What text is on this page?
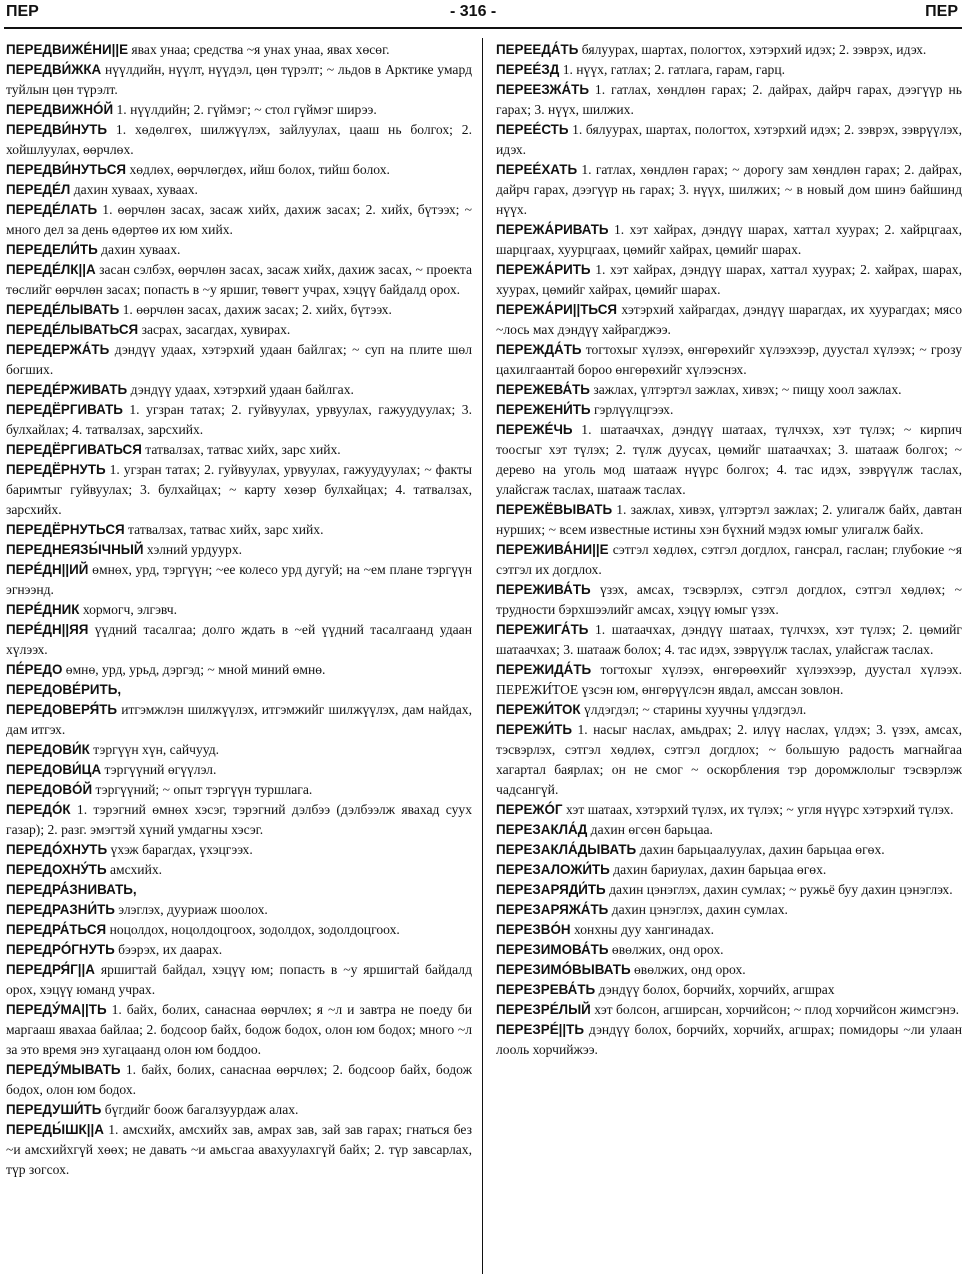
ПЕР	- 316 -	ПЕР

ПЕРЕДВИЖÉНИ||Е явах унаа; средства ~я унах унаа, явах хөсөг.

ПЕРЕДВИ́ЖКА нүүлдийн, нүүлт, нүүдэл, цөн түрэлт; ~ льдов в Арктике умард туйлын цөн түрэлт.

ПЕРЕДВИЖНÓЙ 1. нүүлдийн; 2. гүймэг; ~ стол гүймэг ширээ.

ПЕРЕДВИ́НУТЬ 1. хөдөлгөх, шилжүүлэх, зайлуулах, цааш нь болгох; 2. хойшлуулах, өөрчлөх.

ПЕРЕДВИ́НУТЬСЯ хөдлөх, өөрчлөгдөх, ийш болох, тийш болох.

ПЕРЕДÉЛ дахин хуваах, хуваах.

ПЕРЕДÉЛАТЬ 1. өөрчлөн засах, засаж хийх, дахиж засах; 2. хийх, бүтээх; ~ много дел за день өдөртөө их юм хийх.

ПЕРЕДЕЛИ́ТЬ дахин хуваах.

ПЕРЕДÉЛК||А засан сэлбэх, өөрчлөн засах, засаж хийх, дахиж засах, ~ проекта төслийг өөрчлөн засах; попасть в ~у яршиг, төвөгт учрах, хэцүү байдалд орох.

ПЕРЕДÉЛЫВАТЬ 1. өөрчлөн засах, дахиж засах; 2. хийх, бүтээх.

ПЕРЕДÉЛЫВАТЬСЯ засрах, засагдах, хувирах.

ПЕРЕДЕРЖÁТЬ дэндүү удаах, хэтэрхий удаан байлгах; ~ суп на плите шөл богших.

ПЕРЕДÉРЖИВАТЬ дэндүү удаах, хэтэрхий удаан байлгах.

ПЕРЕДЁРГИВАТЬ 1. угзран татах; 2. гуйвуулах, урвуулах, гажуудуулах; 3. булхайлах; 4. татвалзах, зарсхийх.

ПЕРЕДЁРГИВАТЬСЯ татвалзах, татвас хийх, зарс хийх.

ПЕРЕДЁРНУТЬ 1. угзран татах; 2. гуйвуулах, урвуулах, гажуудуулах; ~ факты баримтыг гуйвуулах; 3. булхайцах; ~ карту хөзөр булхайцах; 4. татвалзах, зарсхийх.

ПЕРЕДЁРНУТЬСЯ татвалзах, татвас хийх, зарс хийх.

ПЕРЕДНЕЯЗЫ́ЧНЫЙ хэлний урдуурх.

ПЕРÉДН||ИЙ өмнөх, урд, тэргүүн; ~ее колесо урд дугуй; на ~ем плане тэргүүн эгнээнд.

ПЕРÉДНИК хормогч, элгэвч.

ПЕРÉДН||ЯЯ үүдний тасалгаа; долго ждать в ~ей үүдний тасалгаанд удаан хүлээх.

ПЕ́РЕДО өмнө, урд, урьд, дэргэд; ~ мной миний өмнө.

ПЕРЕДОВЕ́РИТЬ,

ПЕРЕДОВЕРЯ́ТЬ итгэмжлэн шилжүүлэх, итгэмжийг шилжүүлэх, дам найдах, дам итгэх.

ПЕРЕДОВИ́К тэргүүн хүн, сайчууд.

ПЕРЕДОВИ́ЦА тэргүүний өгүүлэл.

ПЕРЕДОВÓЙ тэргүүний; ~ опыт тэргүүн туршлага.

ПЕРЕДÓК 1. тэрэгний өмнөх хэсэг, тэрэгний дэлбээ (дэлбээлж явахад суух газар); 2. разг. эмэгтэй хүний умдагны хэсэг.

ПЕРЕДÓХНУТЬ үхэж барагдах, үхэцгээх.

ПЕРЕДОХНУ́ТЬ амсхийх.

ПЕРЕДРА́ЗНИВАТЬ,

ПЕРЕДРАЗНИ́ТЬ элэглэх, дууриаж шоолох.

ПЕРЕДРА́ТЬСЯ ноцолдох, ноцолдоцгоох, зодолдох, зодолдоцгоох.

ПЕРЕДРÓГНУТЬ бээрэх, их даарах.

ПЕРЕДРЯ́Г||А яршигтай байдал, хэцүү юм; попасть в ~у яршигтай байдалд орох, хэцүү юманд учрах.

ПЕРЕДУ́МА||ТЬ 1. байх, болих, санаснаа өөрчлөх; я ~л и завтра не поеду би маргааш явахаа байлаа; 2. бодсоор байх, бодож бодох, олон юм бодох; много ~л за это время энэ хугацаанд олон юм боддоо.

ПЕРЕДУ́МЫВАТЬ 1. байх, болих, санаснаа өөрчлөх; 2. бодсоор байх, бодож бодох, олон юм бодох.

ПЕРЕДУШИ́ТЬ бүгдийг боож багалзуурдаж алах.

ПЕРЕДЫ́ШК||А 1. амсхийх, амсхийх зав, амрах зав, зай зав гарах; гнаться без ~и амсхийхгүй хөөх; не давать ~и амьсгаа авахуулахгүй байх; 2. түр завсарлах, түр зогсох.

ПЕРЕЕДА́ТЬ бялуурах, шартах, пологтох, хэтэрхий идэх; 2. зэврэх, идэх.

ПЕРЕÉЗД 1. нүүх, гатлах; 2. гатлага, гарам, гарц.

ПЕРЕЕЗЖА́ТЬ 1. гатлах, хөндлөн гарах; 2. дайрах, дайрч гарах, дээгүүр нь гарах; 3. нүүх, шилжих.

ПЕРЕÉСТЬ 1. бялуурах, шартах, пологтох, хэтэрхий идэх; 2. зэврэх, зэврүүлэх, идэх.

ПЕРЕÉХАТЬ 1. гатлах, хөндлөн гарах; ~ дорогу зам хөндлөн гарах; 2. дайрах, дайрч гарах, дээгүүр нь гарах; 3. нүүх, шилжих; ~ в новый дом шинэ байшинд нүүх.

ПЕРЕЖА́РИВАТЬ 1. хэт хайрах, дэндүү шарах, хаттал хуурах; 2. хайрцгаах, шарцгаах, хуурцгаах, цөмийг хайрах, цөмийг шарах.

ПЕРЕЖА́РИТЬ 1. хэт хайрах, дэндүү шарах, хаттал хуурах; 2. хайрах, шарах, хуурах, цөмийг хайрах, цөмийг шарах.

ПЕРЕЖА́РИ||ТЬСЯ хэтэрхий хайрагдах, дэндүү шарагдах, их хуурагдах; мясо ~лось мах дэндүү хайрагджээ.

ПЕРЕЖДА́ТЬ тогтохыг хүлээх, өнгөрөхийг хүлээхээр, дуустал хүлээх; ~ грозу цахилгаантай бороо өнгөрөхийг хүлээснэх.

ПЕРЕЖЕВА́ТЬ зажлах, үлтэртэл зажлах, хивэх; ~ пищу хоол зажлах.

ПЕРЕЖЕНИ́ТЬ гэрлүүлцгээх.

ПЕРЕЖÉЧЬ 1. шатаачхах, дэндүү шатаах, түлчхэх, хэт түлэх; ~ кирпич тоосгыг хэт түлэх; 2. түлж дуусах, цөмийг шатаачхах; 3. шатааж болгох; ~ дерево на уголь мод шатааж нүүрс болгох; 4. тас идэх, зэврүүлж таслах, улайсгаж таслах, шатааж таслах.

ПЕРЕЖЁВЫВАТЬ 1. зажлах, хивэх, үлтэртэл зажлах; 2. улигалж байх, давтан нурших; ~ всем известные истины хэн бүхний мэдэх юмыг улигалж байх.

ПЕРЕЖИВА́НИ||Е сэтгэл хөдлөх, сэтгэл догдлох, гансрал, гаслан; глубокие ~я сэтгэл их догдлох.

ПЕРЕЖИВА́ТЬ үзэх, амсах, тэсвэрлэх, сэтгэл догдлох, сэтгэл хөдлөх; ~ трудности бэрхшээлийг амсах, хэцүү юмыг үзэх.

ПЕРЕЖИГА́ТЬ 1. шатаачхах, дэндүү шатаах, түлчхэх, хэт түлэх; 2. цөмийг шатаачхах; 3. шатааж болох; 4. тас идэх, зэврүүлж таслах, улайсгаж таслах.

ПЕРЕЖИДА́ТЬ тогтохыг хүлээх, өнгөрөөхийг хүлээхээр, дуустал хүлээх. ПЕРЕЖИ́ТОЕ үзсэн юм, өнгөрүүлсэн явдал, амссан зовлон.

ПЕРЕЖИ́ТОК үлдэгдэл; ~ старины хуучны үлдэгдэл.

ПЕРЕЖИ́ТЬ 1. насыг наслах, амьдрах; 2. илүү наслах, үлдэх; 3. үзэх, амсах, тэсвэрлэх, сэтгэл хөдлөх, сэтгэл догдлох; ~ большую радость магнайгаа хагартал баярлах; он не смог ~ оскорбления тэр доромжлолыг тэсвэрлэж чадсангүй.

ПЕРЕЖÓГ хэт шатаах, хэтэрхий түлэх, их түлэх; ~ угля нүүрс хэтэрхий түлэх.

ПЕРЕЗАКЛА́Д дахин өгсөн барьцаа.

ПЕРЕЗАКЛА́ДЫВАТЬ дахин барьцаалуулах, дахин барьцаа өгөх.

ПЕРЕЗАЛОЖИ́ТЬ дахин бариулах, дахин барьцаа өгөх.

ПЕРЕЗАРЯДИ́ТЬ дахин цэнэглэх, дахин сумлах; ~ ружьё буу дахин цэнэглэх.

ПЕРЕЗАРЯЖА́ТЬ дахин цэнэглэх, дахин сумлах.

ПЕРЕЗВÓН хонхны дуу хангинадах.

ПЕРЕЗИМОВА́ТЬ өвөлжих, онд орох.

ПЕРЕЗИМÓВЫВАТЬ өвөлжих, онд орох.

ПЕРЕЗРЕВА́ТЬ дэндүү болох, борчийх, хорчийх, агшрах

ПЕРЕЗРÉЛЫЙ хэт болсон, агширсан, хорчийсон; ~ плод хорчийсон жимсгэнэ.

ПЕРЕЗРÉ||ТЬ дэндүү болох, борчийх, хорчийх, агшрах; помидоры ~ли улаан лооль хорчийжээ.
